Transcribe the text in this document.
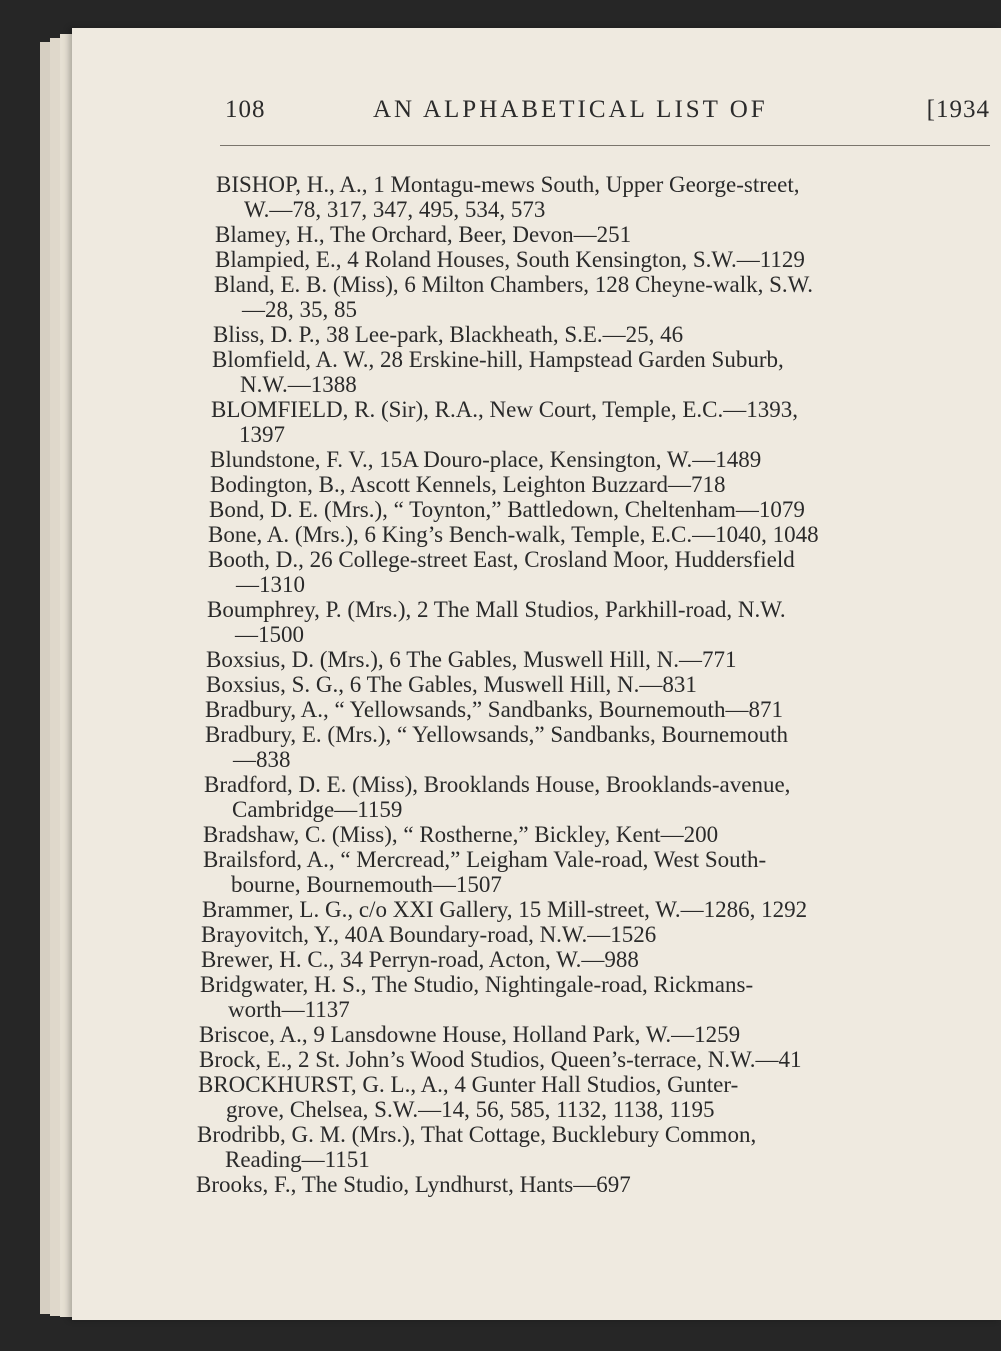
108	AN ALPHABETICAL LIST OF	[1934
BISHOP, H., A., 1 Montagu-mews South, Upper George-street,
W.—78, 317, 347, 495, 534, 573
Blamey, H., The Orchard, Beer, Devon—251
Blampied, E., 4 Roland Houses, South Kensington, S.W.—1129
Bland, E. B. (Miss), 6 Milton Chambers, 128 Cheyne-walk, S.W.
—28, 35, 85
Bliss, D. P., 38 Lee-park, Blackheath, S.E.—25, 46
Blomfield, A. W., 28 Erskine-hill, Hampstead Garden Suburb,
N.W.—1388
BLOMFIELD, R. (Sir), R.A., New Court, Temple, E.C.—1393,
1397
Blundstone, F. V., 15A Douro-place, Kensington, W.—1489
Bodington, B., Ascott Kennels, Leighton Buzzard—718
Bond, D. E. (Mrs.), “ Toynton,” Battledown, Cheltenham—1079
Bone, A. (Mrs.), 6 King’s Bench-walk, Temple, E.C.—1040, 1048
Booth, D., 26 College-street East, Crosland Moor, Huddersfield
—1310
Boumphrey, P. (Mrs.), 2 The Mall Studios, Parkhill-road, N.W.
—1500
Boxsius, D. (Mrs.), 6 The Gables, Muswell Hill, N.—771
Boxsius, S. G., 6 The Gables, Muswell Hill, N.—831
Bradbury, A., “ Yellowsands,” Sandbanks, Bournemouth—871
Bradbury, E. (Mrs.), “ Yellowsands,” Sandbanks, Bournemouth
—838
Bradford, D. E. (Miss), Brooklands House, Brooklands-avenue,
Cambridge—1159
Bradshaw, C. (Miss), “ Rostherne,” Bickley, Kent—200
Brailsford, A., “ Mercread,” Leigham Vale-road, West South-
bourne, Bournemouth—1507
Brammer, L. G., c/o XXI Gallery, 15 Mill-street, W.—1286, 1292
Brayovitch, Y., 40A Boundary-road, N.W.—1526
Brewer, H. C., 34 Perryn-road, Acton, W.—988
Bridgwater, H. S., The Studio, Nightingale-road, Rickmans-
worth—1137
Briscoe, A., 9 Lansdowne House, Holland Park, W.—1259
Brock, E., 2 St. John’s Wood Studios, Queen’s-terrace, N.W.—41
BROCKHURST, G. L., A., 4 Gunter Hall Studios, Gunter-
grove, Chelsea, S.W.—14, 56, 585, 1132, 1138, 1195
Brodribb, G. M. (Mrs.), That Cottage, Bucklebury Common,
Reading—1151
Brooks, F., The Studio, Lyndhurst, Hants—697
